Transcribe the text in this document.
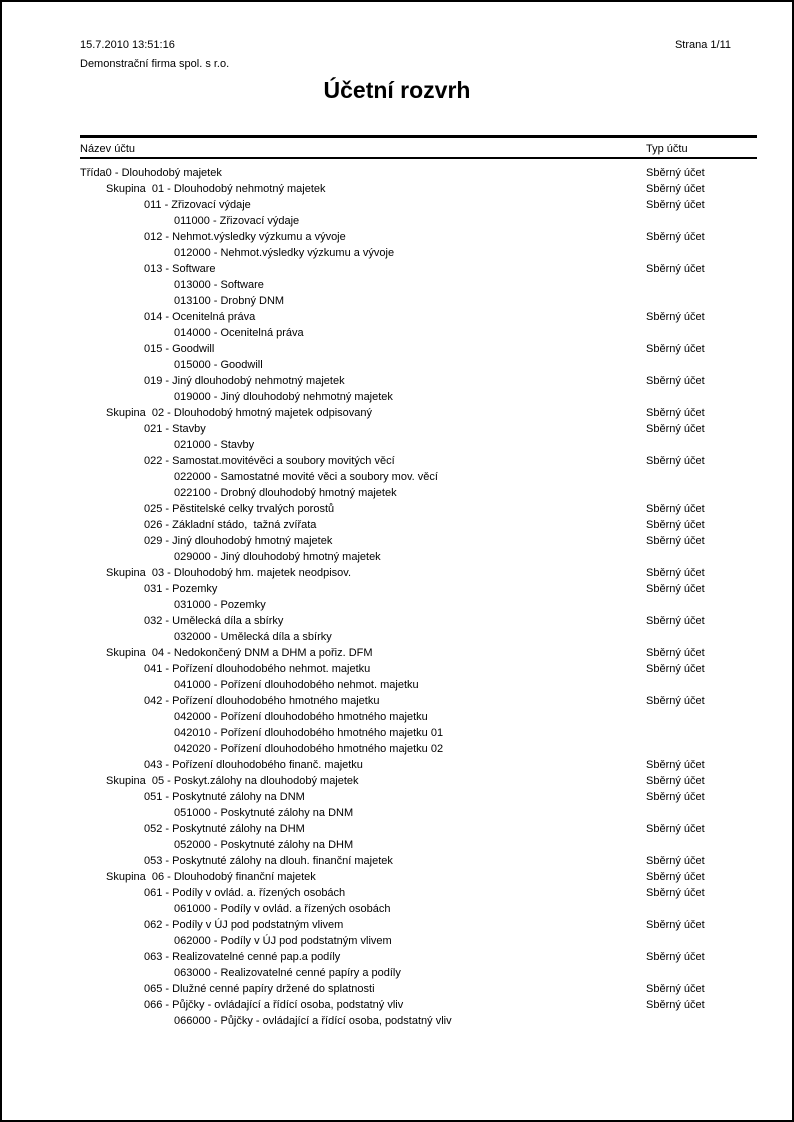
15.7.2010 13:51:16	Strana 1/11
Demonstrační firma spol. s r.o.
Účetní rozvrh
Název účtu	Typ účtu
Sběrný účet
Třída0 - Dlouhodobý majetek
Sběrný účet
Skupina  01 - Dlouhodobý nehmotný majetek
Sběrný účet
011 - Zřizovací výdaje
011000 - Zřizovací výdaje
Sběrný účet
012 - Nehmot.výsledky výzkumu a vývoje
012000 - Nehmot.výsledky výzkumu a vývoje
Sběrný účet
013 - Software
013000 - Software
013100 - Drobný DNM
Sběrný účet
014 - Ocenitelná práva
014000 - Ocenitelná práva
Sběrný účet
015 - Goodwill
015000 - Goodwill
Sběrný účet
019 - Jiný dlouhodobý nehmotný majetek
019000 - Jiný dlouhodobý nehmotný majetek
Sběrný účet
Skupina  02 - Dlouhodobý hmotný majetek odpisovaný
Sběrný účet
021 - Stavby
021000 - Stavby
Sběrný účet
022 - Samostat.movitévěci a soubory movitých věcí
022000 - Samostatné movité věci a soubory mov. věcí
022100 - Drobný dlouhodobý hmotný majetek
Sběrný účet
025 - Pěstitelské celky trvalých porostů
Sběrný účet
026 - Základní stádo,  tažná zvířata
Sběrný účet
029 - Jiný dlouhodobý hmotný majetek
029000 - Jiný dlouhodobý hmotný majetek
Sběrný účet
Skupina  03 - Dlouhodobý hm. majetek neodpisov.
Sběrný účet
031 - Pozemky
031000 - Pozemky
Sběrný účet
032 - Umělecká díla a sbírky
032000 - Umělecká díla a sbírky
Sběrný účet
Skupina  04 - Nedokončený DNM a DHM a pořiz. DFM
Sběrný účet
041 - Pořízení dlouhodobého nehmot. majetku
041000 - Pořízení dlouhodobého nehmot. majetku
Sběrný účet
042 - Pořízení dlouhodobého hmotného majetku
042000 - Pořízení dlouhodobého hmotného majetku
042010 - Pořízení dlouhodobého hmotného majetku 01
042020 - Pořízení dlouhodobého hmotného majetku 02
Sběrný účet
043 - Pořízení dlouhodobého finanč. majetku
Sběrný účet
Skupina  05 - Poskyt.zálohy na dlouhodobý majetek
Sběrný účet
051 - Poskytnuté zálohy na DNM
051000 - Poskytnuté zálohy na DNM
Sběrný účet
052 - Poskytnuté zálohy na DHM
052000 - Poskytnuté zálohy na DHM
Sběrný účet
053 - Poskytnuté zálohy na dlouh. finanční majetek
Sběrný účet
Skupina  06 - Dlouhodobý finanční majetek
Sběrný účet
061 - Podíly v ovlád. a. řízených osobách
061000 - Podíly v ovlád. a řízených osobách
Sběrný účet
062 - Podíly v ÚJ pod podstatným vlivem
062000 - Podíly v ÚJ pod podstatným vlivem
Sběrný účet
063 - Realizovatelné cenné pap.a podíly
063000 - Realizovatelné cenné papíry a podíly
Sběrný účet
065 - Dlužné cenné papíry držené do splatnosti
Sběrný účet
066 - Půjčky - ovládající a řídící osoba, podstatný vliv
066000 - Půjčky - ovládající a řídící osoba, podstatný vliv
